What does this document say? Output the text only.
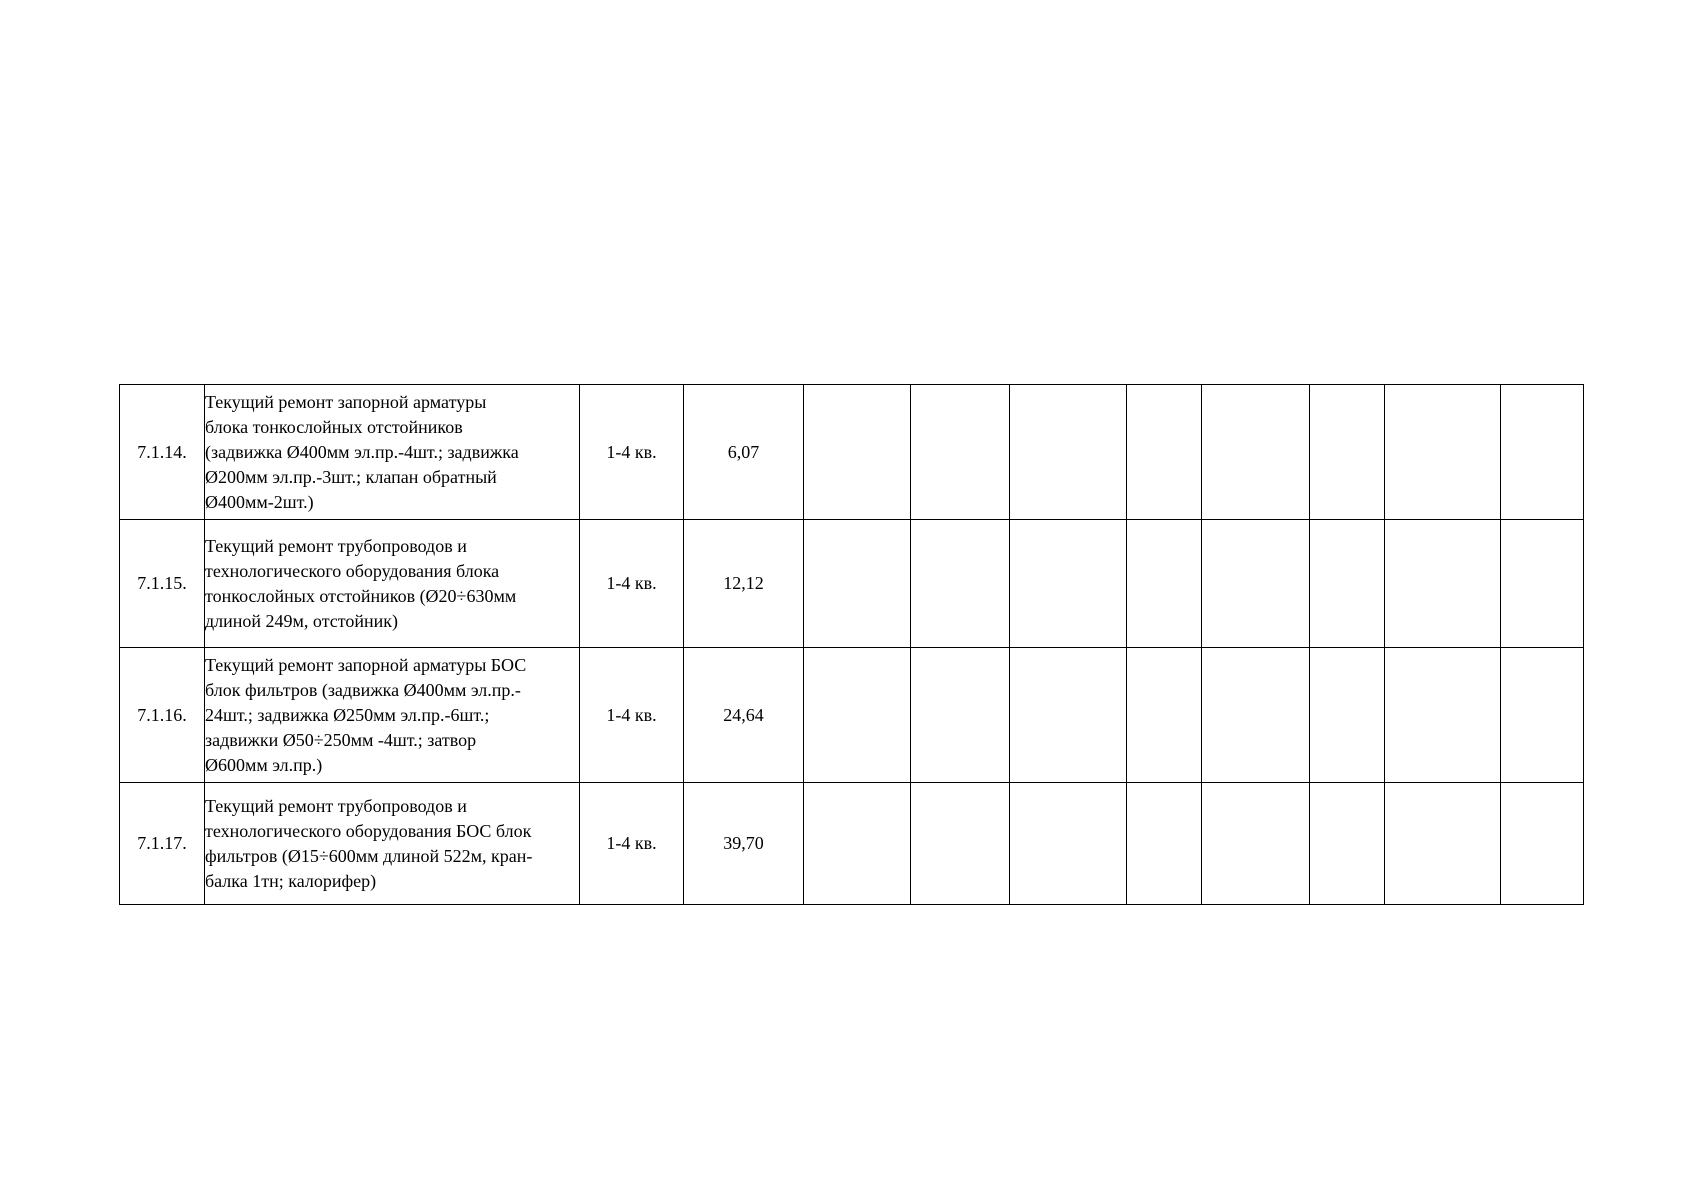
7.1.14.	Текущий ремонт запорной арматуры
блока тонкослойных отстойников
(задвижка Ø400мм эл.пр.-4шт.; задвижка
Ø200мм эл.пр.-3шт.; клапан обратный
Ø400мм-2шт.)	1-4 кв.	6,07								
7.1.15.	Текущий ремонт трубопроводов и
технологического оборудования блока
тонкослойных отстойников (Ø20÷630мм
длиной 249м, отстойник)	1-4 кв.	12,12								
7.1.16.	Текущий ремонт запорной арматуры БОС
блок фильтров (задвижка Ø400мм эл.пр.-
24шт.; задвижка Ø250мм эл.пр.-6шт.;
задвижки Ø50÷250мм -4шт.; затвор
Ø600мм эл.пр.)	1-4 кв.	24,64								
7.1.17.	Текущий ремонт трубопроводов и
технологического оборудования БОС блок
фильтров (Ø15÷600мм длиной 522м, кран-
балка 1тн; калорифер)	1-4 кв.	39,70								
